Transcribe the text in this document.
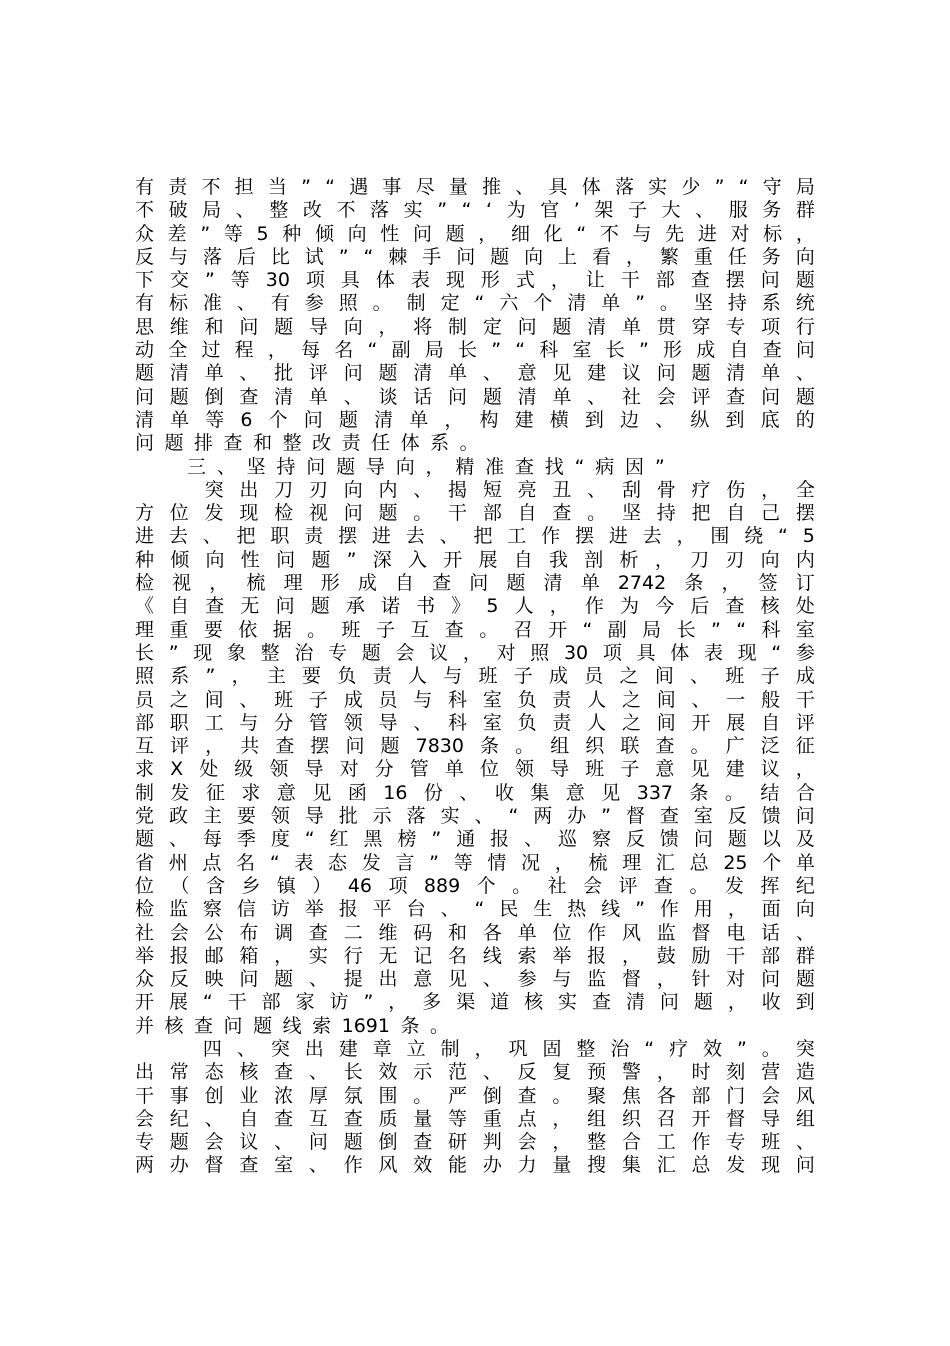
有 责 不 担 当 ” “ 遇 事 尽 量 推 、 具 体 落 实 少 ” “ 守 局
不 破 局 、 整 改 不 落 实 ” “ ‘ 为 官 ’ 架 子 大 、 服 务 群
众 差 ” 等 5 种 倾 向 性 问 题 ， 细 化 “ 不 与 先 进 对 标 ，
反 与 落 后 比 试 ” “ 棘 手 问 题 向 上 看 ， 繁 重 任 务 向
下 交 ” 等 30 项 具 体 表 现 形 式 ， 让 干 部 查 摆 问 题
有 标 准 、 有 参 照 。 制 定 “ 六 个 清 单 ” 。 坚 持 系 统
思 维 和 问 题 导 向 ， 将 制 定 问 题 清 单 贯 穿 专 项 行
动 全 过 程 ， 每 名 “ 副 局 长 ” “ 科 室 长 ” 形 成 自 查 问
题 清 单 、 批 评 问 题 清 单 、 意 见 建 议 问 题 清 单 、
问 题 倒 查 清 单 、 谈 话 问 题 清 单 、 社 会 评 查 问 题
清 单 等 6 个 问 题 清 单 ， 构 建 横 到 边 、 纵 到 底 的
问 题 排 查 和 整 改 责 任 体 系 。
三 、 坚 持 问 题 导 向 ， 精 准 查 找 “ 病 因 ”

突 出 刀 刃 向 内 、 揭 短 亮 丑 、 刮 骨 疗 伤 ， 全
方 位 发 现 检 视 问 题 。 干 部 自 查 。 坚 持 把 自 己 摆
进 去 、 把 职 责 摆 进 去 、 把 工 作 摆 进 去 ， 围 绕 “ 5
种 倾 向 性 问 题 ” 深 入 开 展 自 我 剖 析 ， 刀 刃 向 内
检 视 ， 梳 理 形 成 自 查 问 题 清 单 2742 条 ， 签 订
《 自 查 无 问 题 承 诺 书 》 5 人 ， 作 为 今 后 查 核 处
理 重 要 依 据 。 班 子 互 查 。 召 开 “ 副 局 长 ” “ 科 室
长 ” 现 象 整 治 专 题 会 议 ， 对 照 30 项 具 体 表 现 “ 参
照 系 ” ， 主 要 负 责 人 与 班 子 成 员 之 间 、 班 子 成
员 之 间 、 班 子 成 员 与 科 室 负 责 人 之 间 、 一 般 干
部 职 工 与 分 管 领 导 、 科 室 负 责 人 之 间 开 展 自 评
互 评 ， 共 查 摆 问 题 7830 条 。 组 织 联 查 。 广 泛 征
求 X 处 级 领 导 对 分 管 单 位 领 导 班 子 意 见 建 议 ，
制 发 征 求 意 见 函 16 份 、 收 集 意 见 337 条 。 结 合
党 政 主 要 领 导 批 示 落 实 、 “ 两 办 ” 督 查 室 反 馈 问
题 、 每 季 度 “ 红 黑 榜 ” 通 报 、 巡 察 反 馈 问 题 以 及
省 州 点 名 “ 表 态 发 言 ” 等 情 况 ， 梳 理 汇 总 25 个 单
位 （ 含 乡 镇 ） 46 项 889 个 。 社 会 评 查 。 发 挥 纪
检 监 察 信 访 举 报 平 台 、 “ 民 生 热 线 ” 作 用 ， 面 向
社 会 公 布 调 查 二 维 码 和 各 单 位 作 风 监 督 电 话 、
举 报 邮 箱 ， 实 行 无 记 名 线 索 举 报 ， 鼓 励 干 部 群
众 反 映 问 题 、 提 出 意 见 、 参 与 监 督 ， 针 对 问 题
开 展 “ 干 部 家 访 ” ， 多 渠 道 核 实 查 清 问 题 ， 收 到
并 核 查 问 题 线 索 1691 条 。

四 、 突 出 建 章 立 制 ， 巩 固 整 治 “ 疗 效 ” 。 突
出 常 态 核 查 、 长 效 示 范 、 反 复 预 警 ， 时 刻 营 造
干 事 创 业 浓 厚 氛 围 。 严 倒 查 。 聚 焦 各 部 门 会 风
会 纪 、 自 查 互 查 质 量 等 重 点 ， 组 织 召 开 督 导 组
专 题 会 议 、 问 题 倒 查 研 判 会 ， 整 合 工 作 专 班 、
两 办 督 查 室 、 作 风 效 能 办 力 量 搜 集 汇 总 发 现 问
